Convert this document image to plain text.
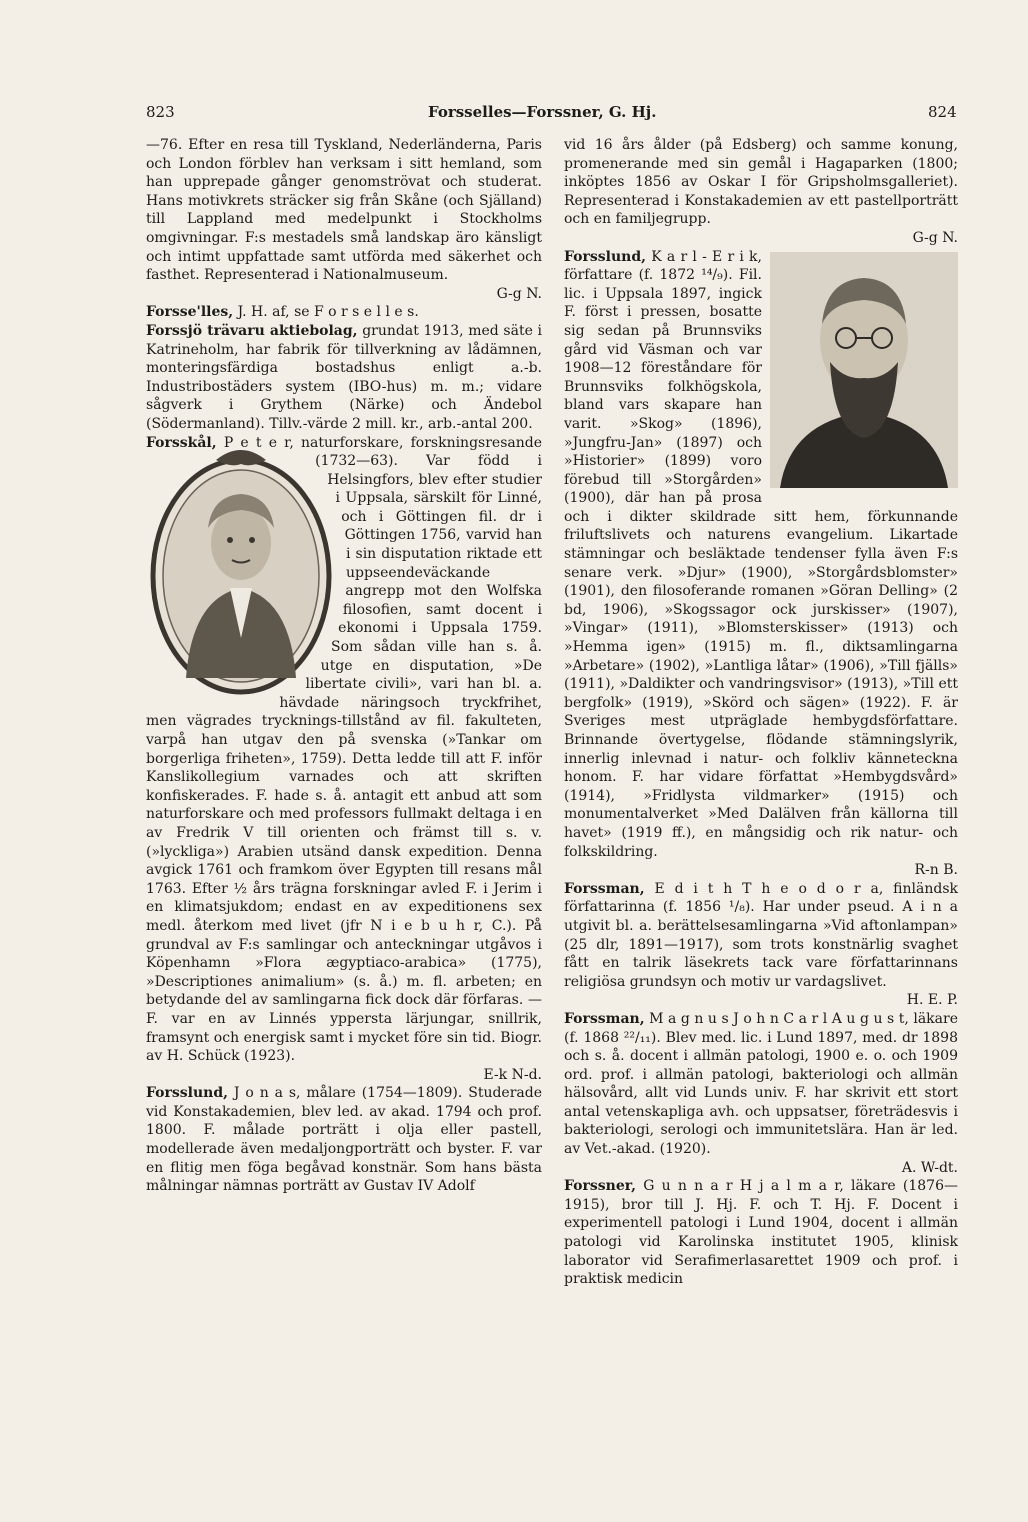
823	Forsselles—Forssner, G. Hj.	824

—76. Efter en resa till Tyskland, Nederländerna, Paris och London förblev han verksam i sitt hemland, som han upprepade gånger genomströvat och studerat. Hans motivkrets sträcker sig från Skåne (och Själland) till Lappland med medelpunkt i Stockholms omgivningar. F:s mestadels små landskap äro känsligt och intimt uppfattade samt utförda med säkerhet och fasthet. Representerad i Nationalmuseum.
G-g N.

Forsse'lles, J. H. af, se F o r s e l l e s.

Forssjö trävaru aktiebolag, grundat 1913, med säte i Katrineholm, har fabrik för tillverkning av lådämnen, monteringsfärdiga bostadshus enligt a.-b. Industribostäders system (IBO-hus) m. m.; vidare sågverk i Grythem (Närke) och Ändebol (Södermanland). Tillv.-värde 2 mill. kr., arb.-antal 200.

Forsskål,
P e t e r, naturforskare, forskningsresande (1732—63). Var född i Helsingfors, blev efter studier i Uppsala, särskilt för Linné, och i Göttingen fil. dr i Göttingen 1756, varvid han i sin disputation riktade ett uppseendeväckande angrepp mot den Wolfska filosofien, samt docent i ekonomi i Uppsala 1759. Som sådan ville han s. å. utge en disputation, »De libertate civili», vari han bl. a. hävdade näringsoch tryckfrihet, men vägrades trycknings-tillstånd av fil. fakulteten, varpå han utgav den på svenska (»Tankar om borgerliga friheten», 1759). Detta ledde till att F. inför Kanslikollegium varnades och att skriften konfiskerades. F. hade s. å. antagit ett anbud att som naturforskare och med professors fullmakt deltaga i en av Fredrik V till orienten och främst till s. v. (»lyckliga») Arabien utsänd dansk expedition. Denna avgick 1761 och framkom över Egypten till resans mål 1763. Efter ½ års trägna forskningar avled F. i Jerim i en klimatsjukdom; endast en av expeditionens sex medl. återkom med livet (jfr N i e b u h r, C.). På grundval av F:s samlingar och anteckningar utgåvos i Köpenhamn »Flora ægyptiaco-arabica» (1775), »Descriptiones animalium» (s. å.) m. fl. arbeten; en betydande del av samlingarna fick dock där förfaras. — F. var en av Linnés yppersta lärjungar, snillrik, framsynt och energisk samt i mycket före sin tid. Biogr. av H. Schück (1923).
E-k N-d.

Forsslund, J o n a s, målare (1754—1809). Studerade vid Konstakademien, blev led. av akad. 1794 och prof. 1800. F. målade porträtt i olja eller pastell, modellerade även medaljongporträtt och byster. F. var en flitig men föga begåvad konstnär. Som hans bästa målningar nämnas porträtt av Gustav IV Adolf

vid 16 års ålder (på Edsberg) och samme konung, promenerande med sin gemål i Hagaparken (1800; inköptes 1856 av Oskar I för Gripsholmsgalleriet). Representerad i Konstakademien av ett pastellporträtt och en familjegrupp.
G-g N.

Forsslund,
K a r l - E r i k, författare (f. 1872 ¹⁴/₉). Fil. lic. i Uppsala 1897, ingick F. först i pressen, bosatte sig sedan på Brunnsviks gård vid Väsman och var 1908—12 föreståndare för Brunnsviks folkhögskola, bland vars skapare han varit. »Skog» (1896), »Jungfru-Jan» (1897) och »Historier» (1899) voro förebud till »Storgården» (1900), där han på prosa och i dikter skildrade sitt hem, förkunnande friluftslivets och naturens evangelium. Likartade stämningar och besläktade tendenser fylla även F:s senare verk. »Djur» (1900), »Storgårdsblomster» (1901), den filosoferande romanen »Göran Delling» (2 bd, 1906), »Skogssagor ock jurskisser» (1907), »Vingar» (1911), »Blomsterskisser» (1913) och »Hemma igen» (1915) m. fl., diktsamlingarna »Arbetare» (1902), »Lantliga låtar» (1906), »Till fjälls» (1911), »Daldikter och vandringsvisor» (1913), »Till ett bergfolk» (1919), »Skörd och sägen» (1922). F. är Sveriges mest utpräglade hembygdsförfattare. Brinnande övertygelse, flödande stämningslyrik, innerlig inlevnad i natur- och folkliv känneteckna honom. F. har vidare författat »Hembygdsvård» (1914), »Fridlysta vildmarker» (1915) och monumentalverket »Med Dalälven från källorna till havet» (1919 ff.), en mångsidig och rik natur- och folkskildring.
R-n B.

Forssman, E d i t h T h e o d o r a, finländsk författarinna (f. 1856 ¹/₈). Har under pseud. A i n a utgivit bl. a. berättelsesamlingarna »Vid aftonlampan» (25 dlr, 1891—1917), som trots konstnärlig svaghet fått en talrik läsekrets tack vare författarinnans religiösa grundsyn och motiv ur vardagslivet.
H. E. P.

Forssman, M a g n u s J o h n C a r l A u g u s t, läkare (f. 1868 ²²/₁₁). Blev med. lic. i Lund 1897, med. dr 1898 och s. å. docent i allmän patologi, 1900 e. o. och 1909 ord. prof. i allmän patologi, bakteriologi och allmän hälsovård, allt vid Lunds univ. F. har skrivit ett stort antal vetenskapliga avh. och uppsatser, företrädesvis i bakteriologi, serologi och immunitetslära. Han är led. av Vet.-akad. (1920).
A. W-dt.

Forssner, G u n n a r H j a l m a r, läkare (1876—1915), bror till J. Hj. F. och T. Hj. F. Docent i experimentell patologi i Lund 1904, docent i allmän patologi vid Karolinska institutet 1905, klinisk laborator vid Serafimerlasarettet 1909 och prof. i praktisk medicin
